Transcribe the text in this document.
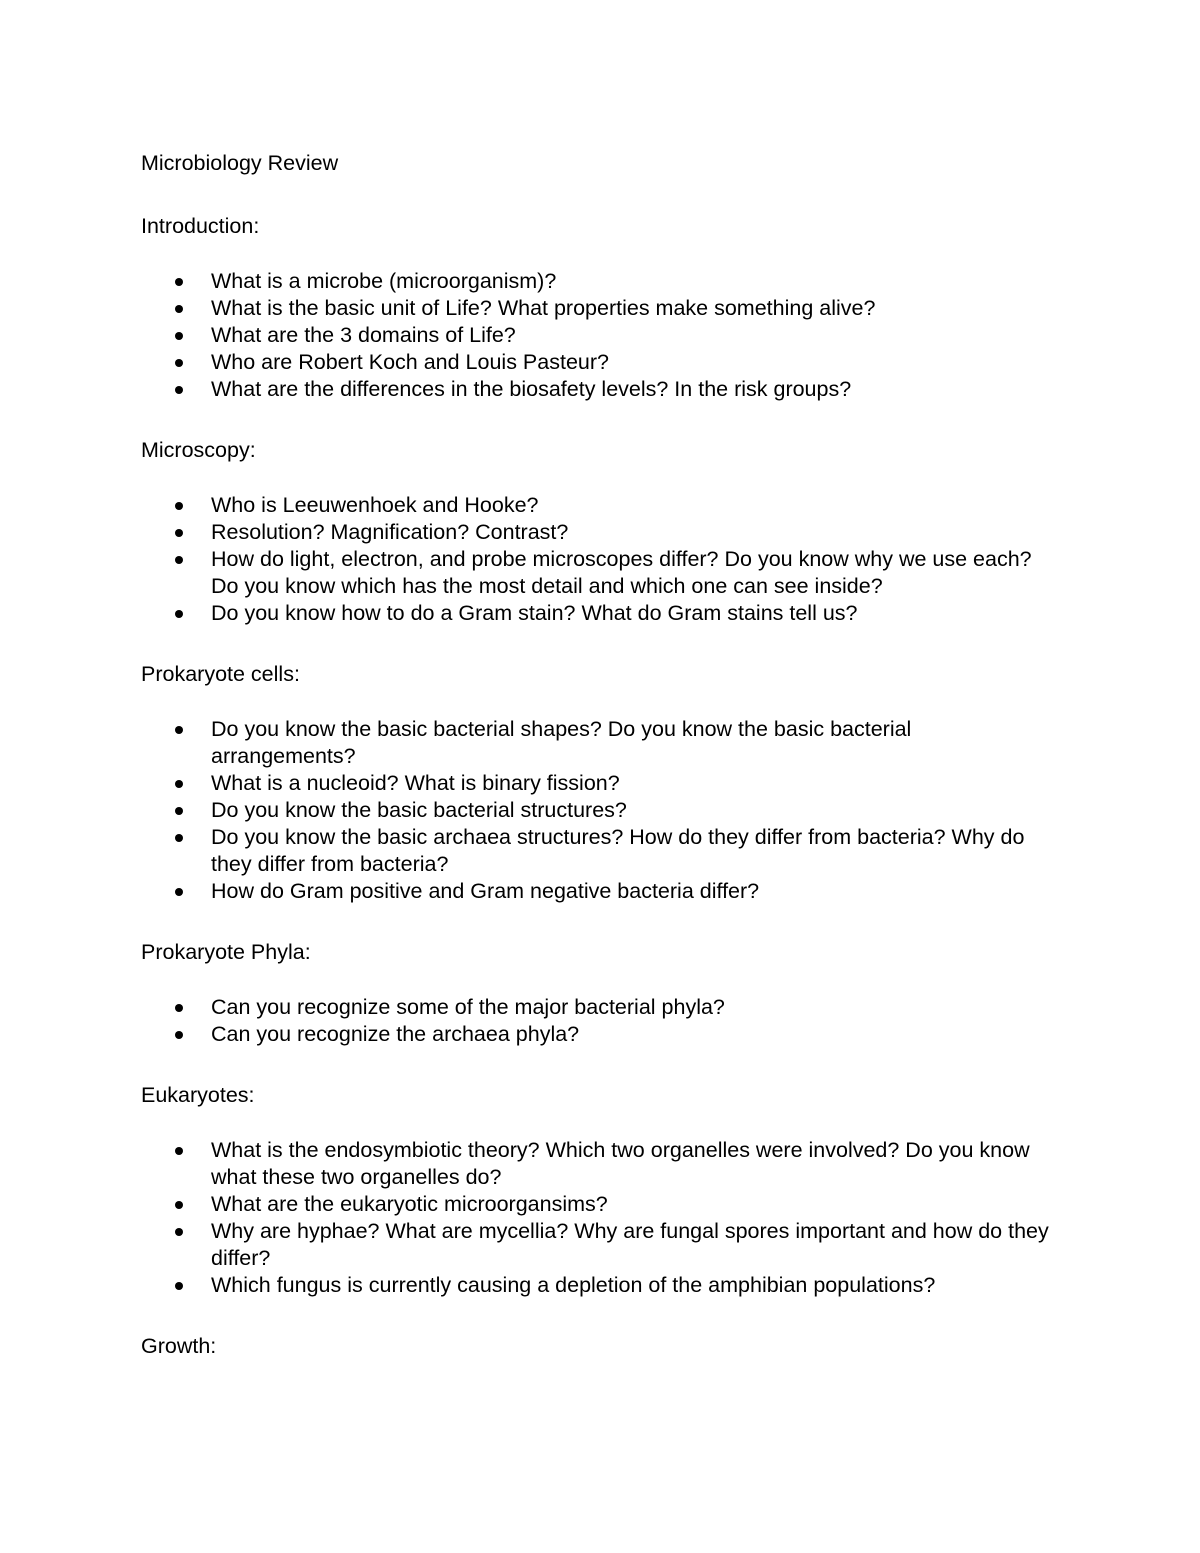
Microbiology Review
Introduction:
What is a microbe (microorganism)?
What is the basic unit of Life? What properties make something alive?
What are the 3 domains of Life?
Who are Robert Koch and Louis Pasteur?
What are the differences in the biosafety levels? In the risk groups?
Microscopy:
Who is Leeuwenhoek and Hooke?
Resolution? Magnification? Contrast?
How do light, electron, and probe microscopes differ? Do you know why we use each? Do you know which has the most detail and which one can see inside?
Do you know how to do a Gram stain? What do Gram stains tell us?
Prokaryote cells:
Do you know the basic bacterial shapes? Do you know the basic bacterial arrangements?
What is a nucleoid? What is binary fission?
Do you know the basic bacterial structures?
Do you know the basic archaea structures? How do they differ from bacteria? Why do they differ from bacteria?
How do Gram positive and Gram negative bacteria differ?
Prokaryote Phyla:
Can you recognize some of the major bacterial phyla?
Can you recognize the archaea phyla?
Eukaryotes:
What is the endosymbiotic theory? Which two organelles were involved? Do you know what these two organelles do?
What are the eukaryotic microorgansims?
Why are hyphae? What are mycellia? Why are fungal spores important and how do they differ?
Which fungus is currently causing a depletion of the amphibian populations?
Growth:
